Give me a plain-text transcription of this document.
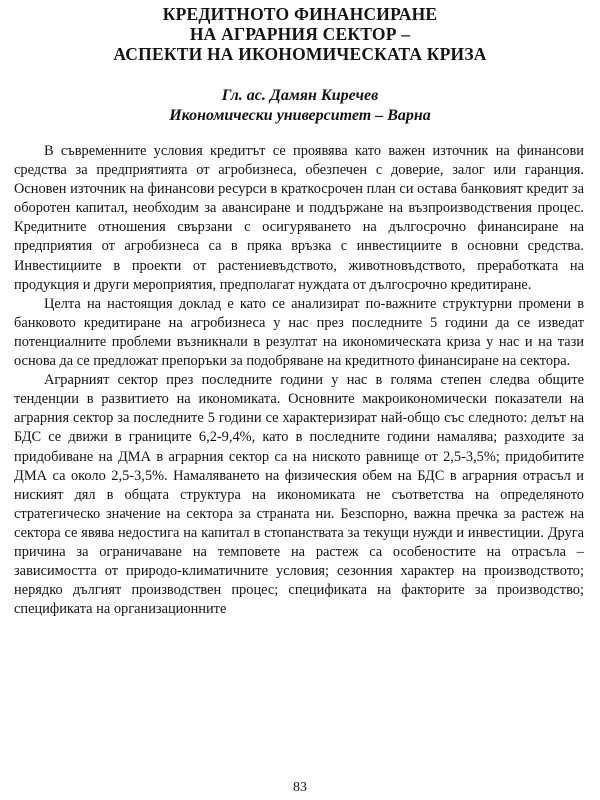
КРЕДИТНОТО ФИНАНСИРАНЕ
НА АГРАРНИЯ СЕКТОР –
АСПЕКТИ НА ИКОНОМИЧЕСКАТА КРИЗА
Гл. ас. Дамян Киречев
Икономически университет – Варна

В съвременните условия кредитът се проявява като важен източник на финансови средства за предприятията от агробизнеса, обезпечен с доверие, залог или гаранция. Основен източник на финансови ресурси в краткосрочен план си остава банковият кредит за оборотен капитал, необходим за авансиране и поддържане на възпроизводствения процес. Кредитните отношения свързани с осигуряването на дългосрочно финансиране на предприятия от агробизнеса са в пряка връзка с инвестициите в основни средства. Инвестициите в проекти от растениевъдството, животновъдството, преработката на продукция и други мероприятия, предполагат нуждата от дългосрочно кредитиране.

Целта на настоящия доклад е като се анализират по-важните структурни промени в банковото кредитиране на агробизнеса у нас през последните 5 години да се изведат потенциалните проблеми възникнали в резултат на икономическата криза у нас и на тази основа да се предложат препоръки за подобряване на кредитното финансиране на сектора.

Аграрният сектор през последните години у нас в голяма степен следва общите тенденции в развитието на икономиката. Основните макроикономически показатели на аграрния сектор за последните 5 години се характеризират най-общо със следното: делът на БДС се движи в границите 6,2-9,4%, като в последните години намалява; разходите за придобиване на ДМА в аграрния сектор са на ниското равнище от 2,5-3,5%; придобитите ДМА са около 2,5-3,5%. Намаляването на физическия обем на БДС в аграрния отрасъл и ниският дял в общата структура на икономиката не съответства на определяното стратегическо значение на сектора за страната ни. Безспорно, важна пречка за растеж на сектора се явява недостига на капитал в стопанствата за текущи нужди и инвестиции. Друга причина за ограничаване на темповете на растеж са особеностите на отрасъла – зависимостта от природо-климатичните условия; сезонния характер на производството; нерядко дългият производствен процес; спецификата на факторите за производство; спецификата на организационните

83
